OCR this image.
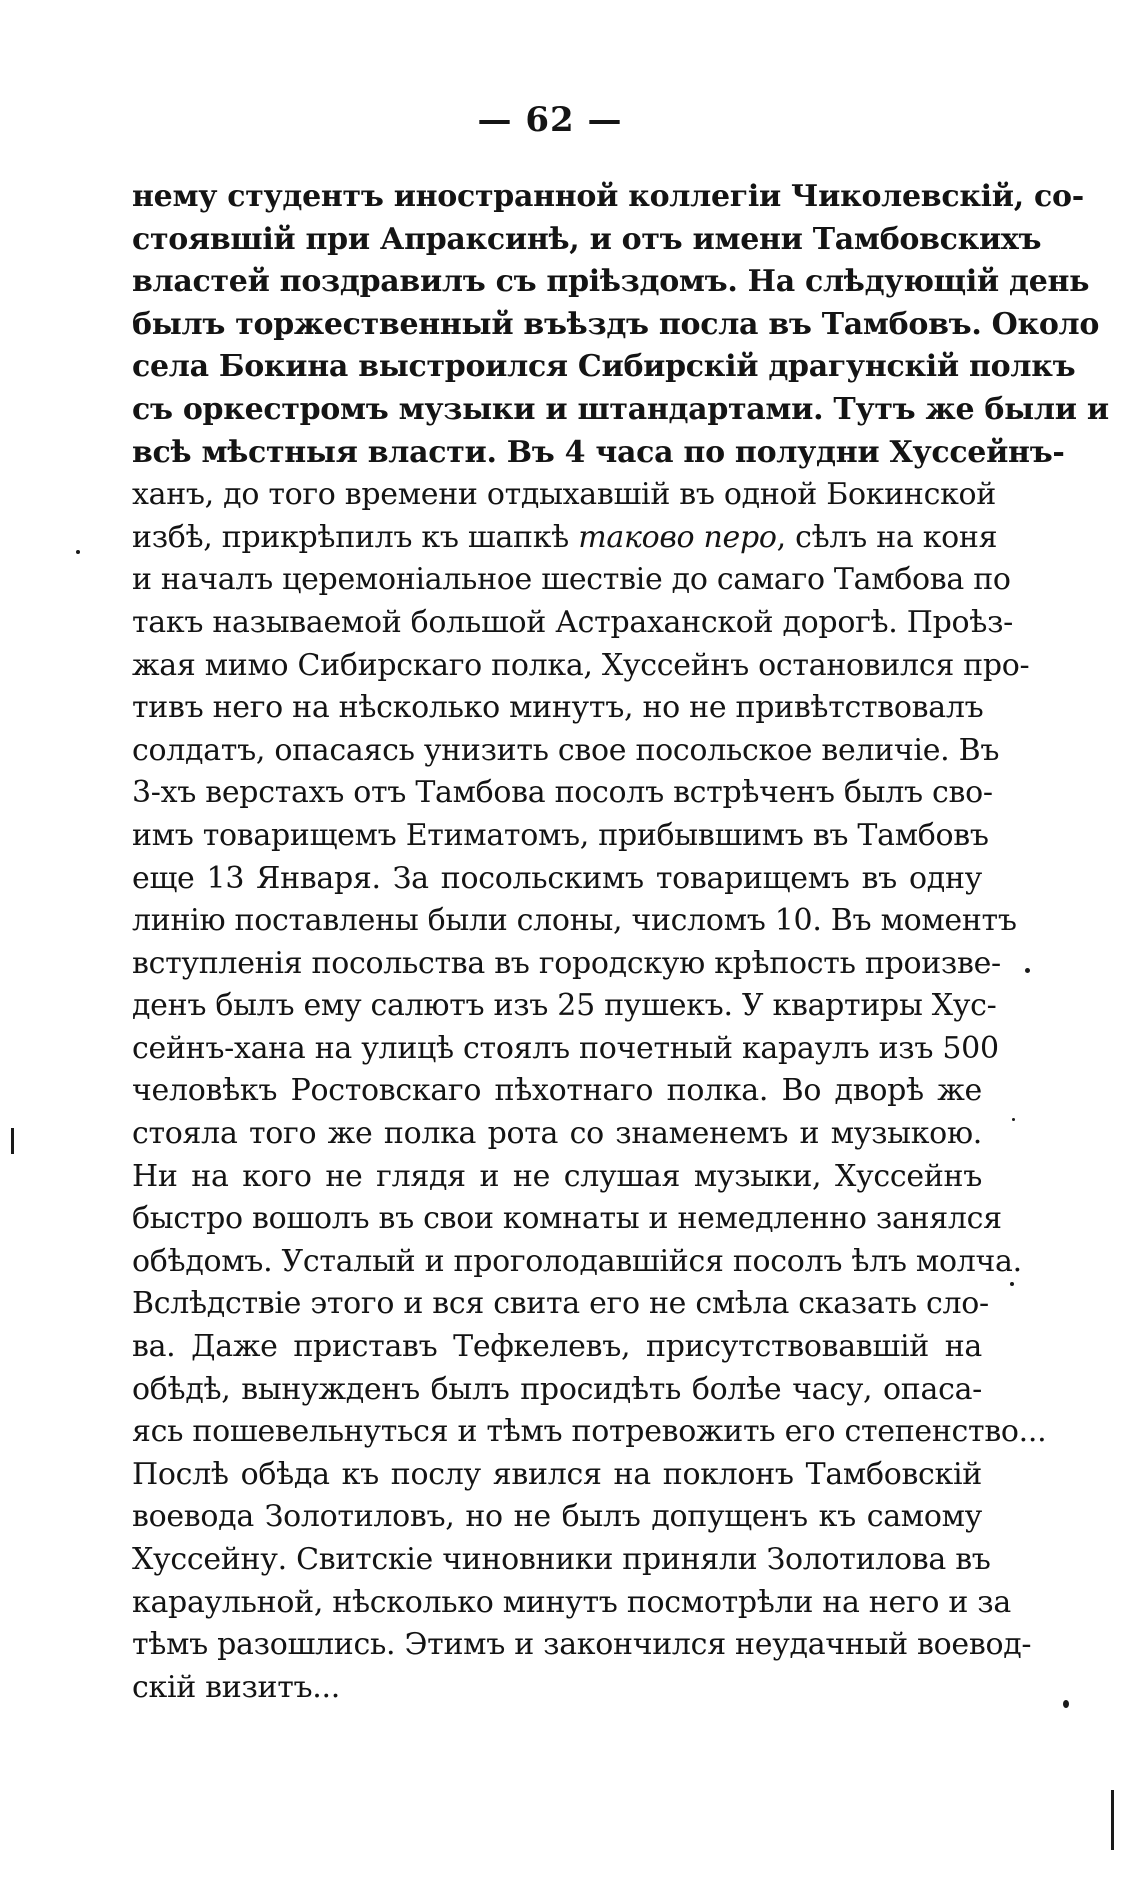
— 62 —
нему студентъ иностранной коллегіи Чиколевскій, со-
стоявшій при Апраксинѣ, и отъ имени Тамбовскихъ
властей поздравилъ съ пріѣздомъ. На слѣдующій день
былъ торжественный въѣздъ посла въ Тамбовъ. Около
села Бокина выстроился Сибирскій драгунскій полкъ
съ оркестромъ музыки и штандартами. Тутъ же были и
всѣ мѣстныя власти. Въ 4 часа по полудни Хуссейнъ-
ханъ, до того времени отдыхавшій въ одной Бокинской
избѣ, прикрѣпилъ къ шапкѣ таково перо, сѣлъ на коня
и началъ церемоніальное шествіе до самаго Тамбова по
такъ называемой большой Астраханской дорогѣ. Проѣз-
жая мимо Сибирскаго полка, Хуссейнъ остановился про-
тивъ него на нѣсколько минутъ, но не привѣтствовалъ
солдатъ, опасаясь унизить свое посольское величіе. Въ
3-хъ верстахъ отъ Тамбова посолъ встрѣченъ былъ сво-
имъ товарищемъ Етиматомъ, прибывшимъ въ Тамбовъ
еще 13 Января. За посольскимъ товарищемъ въ одну
линію поставлены были слоны, числомъ 10. Въ моментъ
вступленія посольства въ городскую крѣпость произве-
денъ былъ ему салютъ изъ 25 пушекъ. У квартиры Хус-
сейнъ-хана на улицѣ стоялъ почетный караулъ изъ 500
человѣкъ Ростовскаго пѣхотнаго полка. Во дворѣ же
стояла того же полка рота со знаменемъ и музыкою.
Ни на кого не глядя и не слушая музыки, Хуссейнъ
быстро вошолъ въ свои комнаты и немедленно занялся
обѣдомъ. Усталый и проголодавшійся посолъ ѣлъ молча.
Вслѣдствіе этого и вся свита его не смѣла сказать сло-
ва. Даже приставъ Тефкелевъ, присутствовавшій на
обѣдѣ, вынужденъ былъ просидѣть болѣе часу, опаса-
ясь пошевельнуться и тѣмъ потревожить его степенство...
Послѣ обѣда къ послу явился на поклонъ Тамбовскій
воевода Золотиловъ, но не былъ допущенъ къ самому
Хуссейну. Свитскіе чиновники приняли Золотилова въ
караульной, нѣсколько минутъ посмотрѣли на него и за
тѣмъ разошлись. Этимъ и закончился неудачный воевод-
скій визитъ...
